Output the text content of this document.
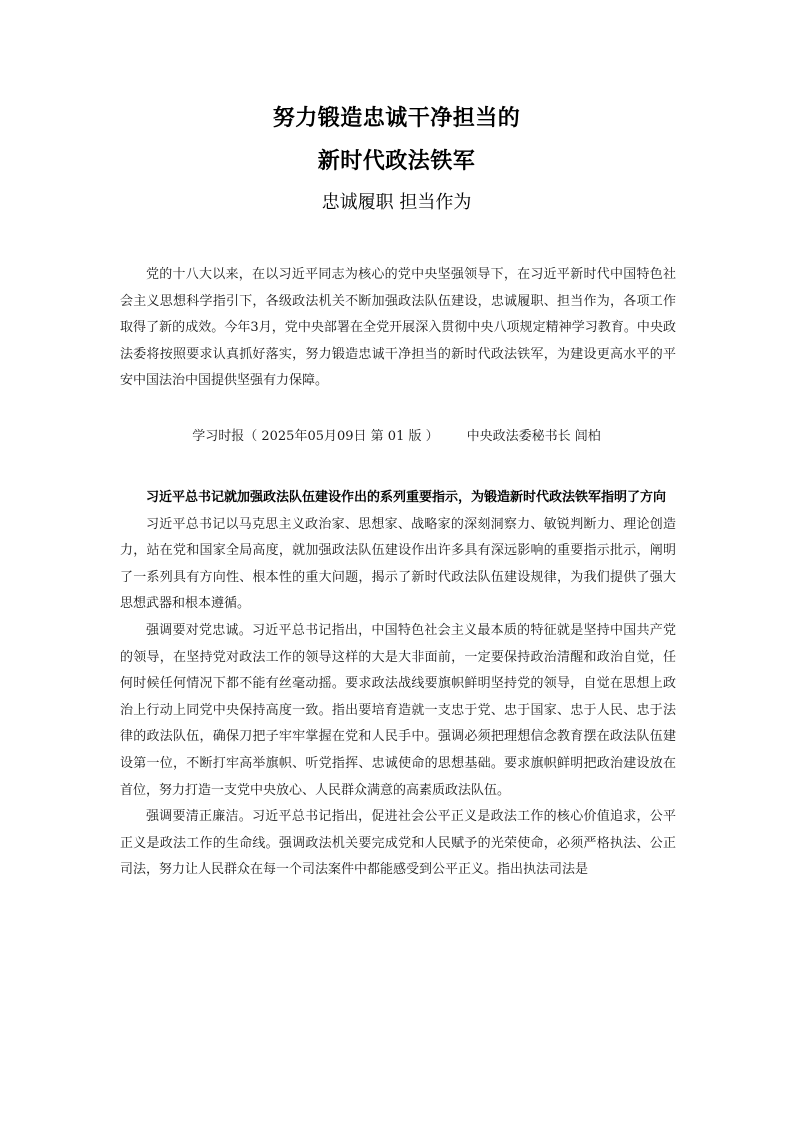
努力锻造忠诚干净担当的
新时代政法铁军
忠诚履职 担当作为

党的十八大以来，在以习近平同志为核心的党中央坚强领导下，在习近平新时代中国特色社会主义思想科学指引下，各级政法机关不断加强政法队伍建设，忠诚履职、担当作为，各项工作取得了新的成效。今年3月，党中央部署在全党开展深入贯彻中央八项规定精神学习教育。中央政法委将按照要求认真抓好落实，努力锻造忠诚干净担当的新时代政法铁军，为建设更高水平的平安中国法治中国提供坚强有力保障。

学习时报（ 2025年05月09日 第 01 版 ） 中央政法委秘书长 闾柏

习近平总书记就加强政法队伍建设作出的系列重要指示，为锻造新时代政法铁军指明了方向

习近平总书记以马克思主义政治家、思想家、战略家的深刻洞察力、敏锐判断力、理论创造力，站在党和国家全局高度，就加强政法队伍建设作出许多具有深远影响的重要指示批示，阐明了一系列具有方向性、根本性的重大问题，揭示了新时代政法队伍建设规律，为我们提供了强大思想武器和根本遵循。

强调要对党忠诚。习近平总书记指出，中国特色社会主义最本质的特征就是坚持中国共产党的领导，在坚持党对政法工作的领导这样的大是大非面前，一定要保持政治清醒和政治自觉，任何时候任何情况下都不能有丝毫动摇。要求政法战线要旗帜鲜明坚持党的领导，自觉在思想上政治上行动上同党中央保持高度一致。指出要培育造就一支忠于党、忠于国家、忠于人民、忠于法律的政法队伍，确保刀把子牢牢掌握在党和人民手中。强调必须把理想信念教育摆在政法队伍建设第一位，不断打牢高举旗帜、听党指挥、忠诚使命的思想基础。要求旗帜鲜明把政治建设放在首位，努力打造一支党中央放心、人民群众满意的高素质政法队伍。

强调要清正廉洁。习近平总书记指出，促进社会公平正义是政法工作的核心价值追求，公平正义是政法工作的生命线。强调政法机关要完成党和人民赋予的光荣使命，必须严格执法、公正司法，努力让人民群众在每一个司法案件中都能感受到公平正义。指出执法司法是
